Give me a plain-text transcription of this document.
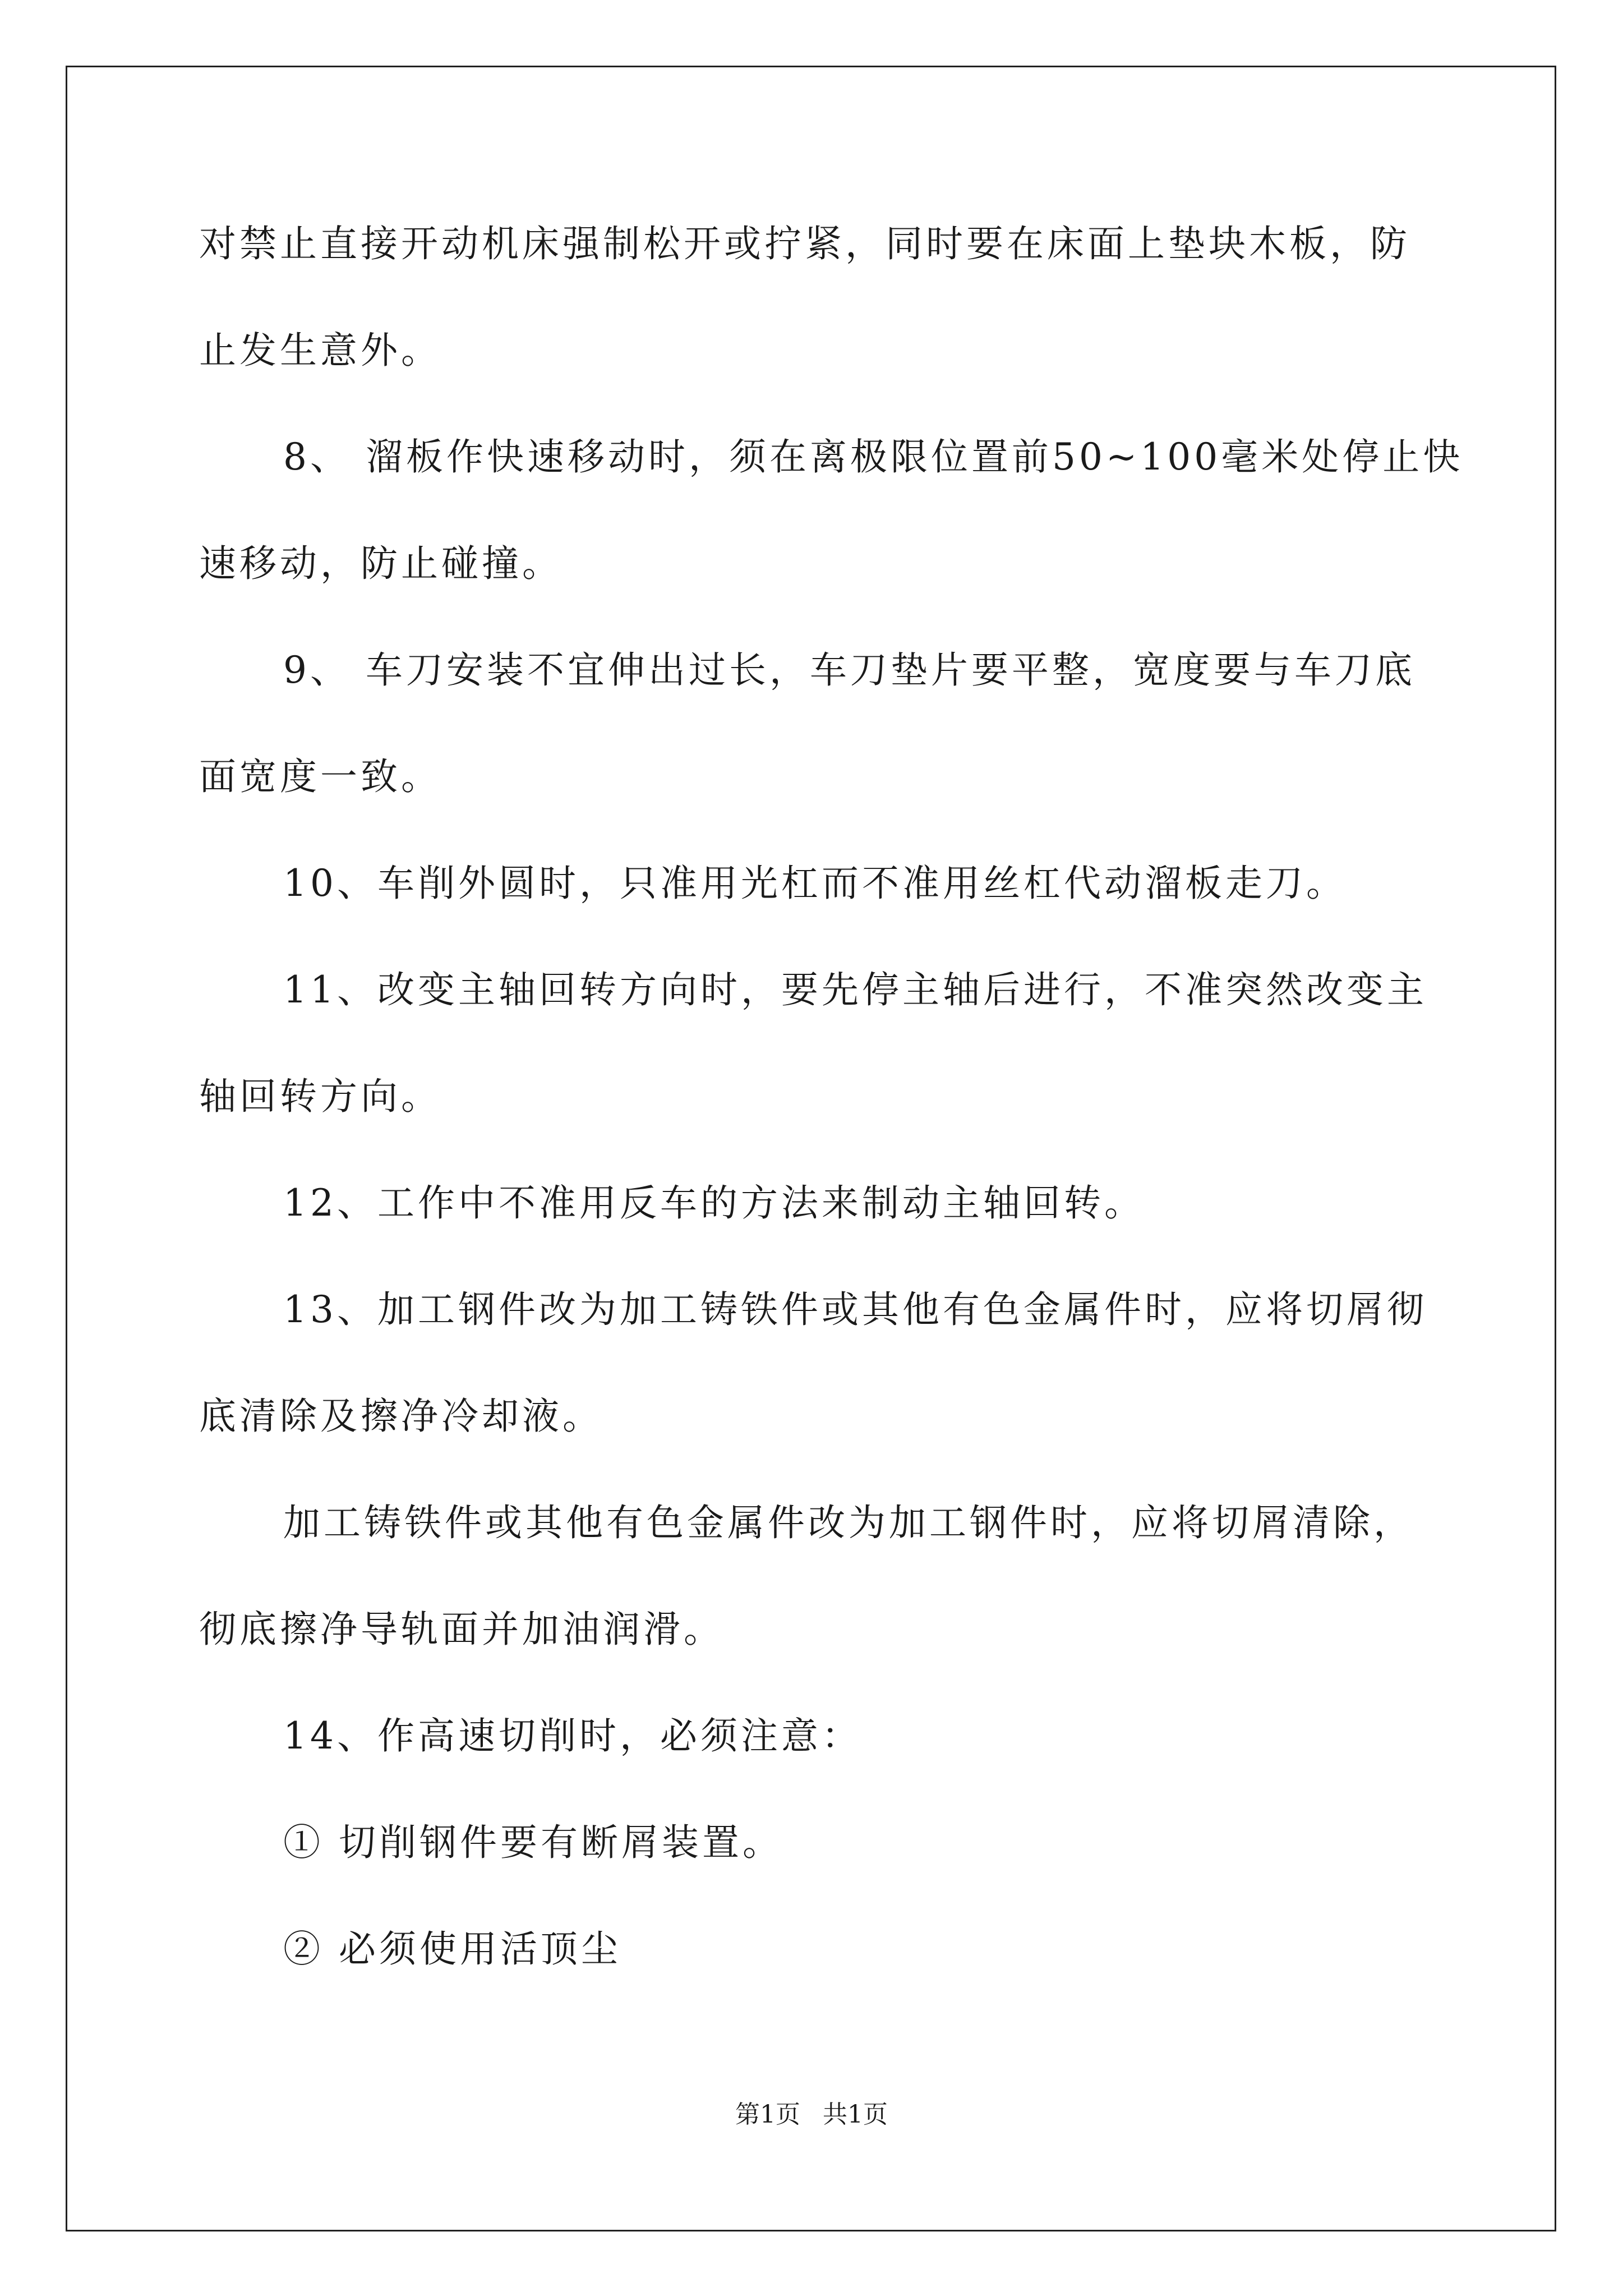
对禁止直接开动机床强制松开或拧紧，同时要在床面上垫块木板，防
止发生意外。
8、 溜板作快速移动时，须在离极限位置前50~100毫米处停止快
速移动，防止碰撞。
9、 车刀安装不宜伸出过长，车刀垫片要平整，宽度要与车刀底
面宽度一致。
10、车削外圆时，只准用光杠而不准用丝杠代动溜板走刀。
11、改变主轴回转方向时，要先停主轴后进行，不准突然改变主
轴回转方向。
12、工作中不准用反车的方法来制动主轴回转。
13、加工钢件改为加工铸铁件或其他有色金属件时，应将切屑彻
底清除及擦净冷却液。
加工铸铁件或其他有色金属件改为加工钢件时，应将切屑清除，
彻底擦净导轨面并加油润滑。
14、作高速切削时，必须注意：
① 切削钢件要有断屑装置。
② 必须使用活顶尘
第1页 共1页
